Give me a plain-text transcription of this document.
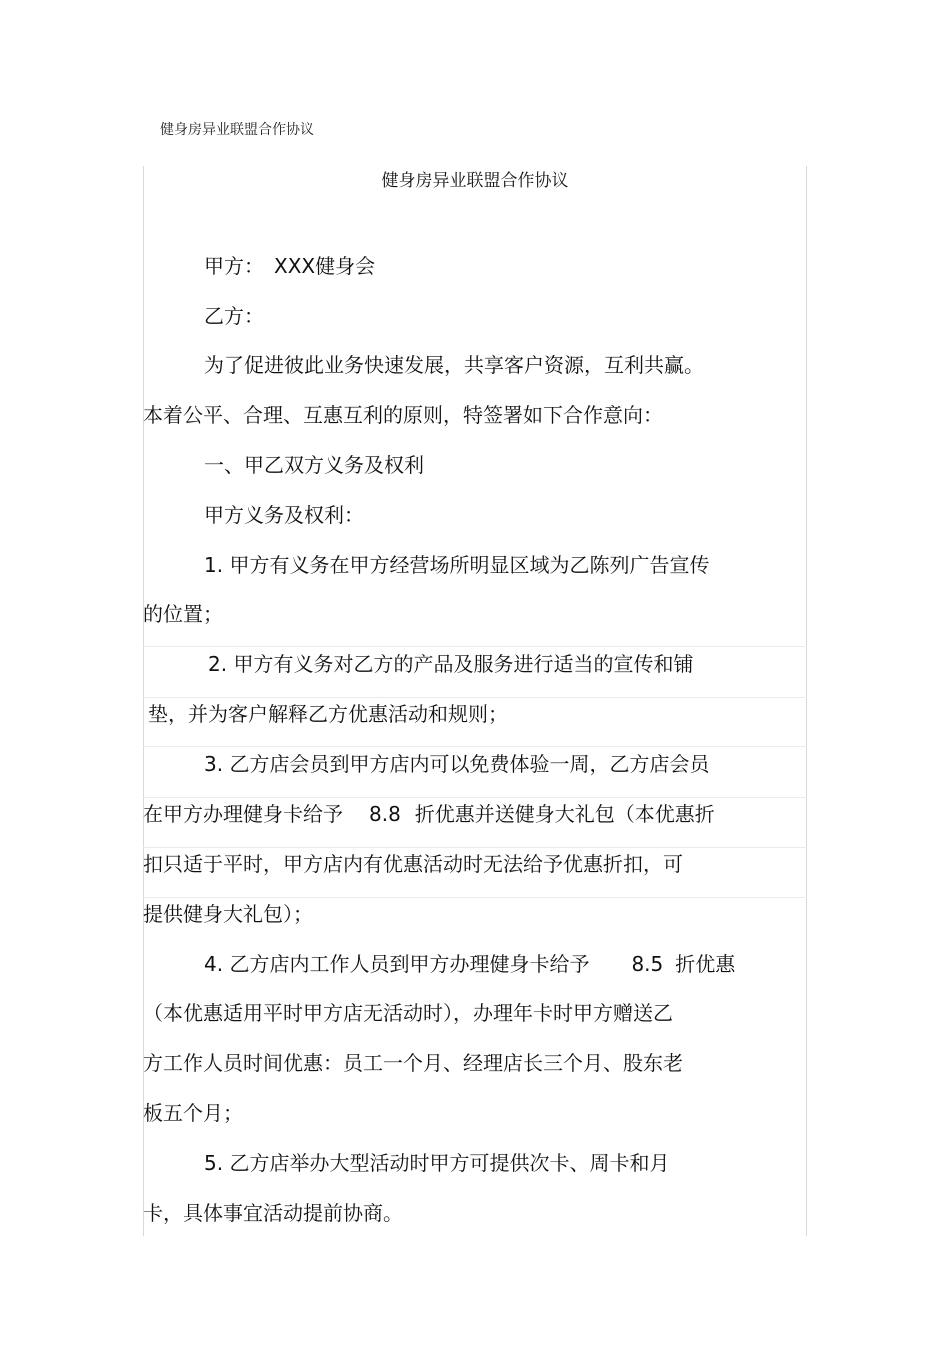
健身房异业联盟合作协议
健身房异业联盟合作协议
甲方： XXX健身会
乙方：
为了促进彼此业务快速发展，共享客户资源，互利共赢。
本着公平、合理、互惠互利的原则，特签署如下合作意向：
一、甲乙双方义务及权利
甲方义务及权利：
1. 甲方有义务在甲方经营场所明显区域为乙陈列广告宣传
的位置；
2. 甲方有义务对乙方的产品及服务进行适当的宣传和铺
垫，并为客户解释乙方优惠活动和规则；
3. 乙方店会员到甲方店内可以免费体验一周，乙方店会员
在甲方办理健身卡给予 8.8 折优惠并送健身大礼包（本优惠折
扣只适于平时，甲方店内有优惠活动时无法给予优惠折扣，可
提供健身大礼包）；
4. 乙方店内工作人员到甲方办理健身卡给予 8.5 折优惠
（本优惠适用平时甲方店无活动时），办理年卡时甲方赠送乙
方工作人员时间优惠：员工一个月、经理店长三个月、股东老
板五个月；
5. 乙方店举办大型活动时甲方可提供次卡、周卡和月
卡，具体事宜活动提前协商。
